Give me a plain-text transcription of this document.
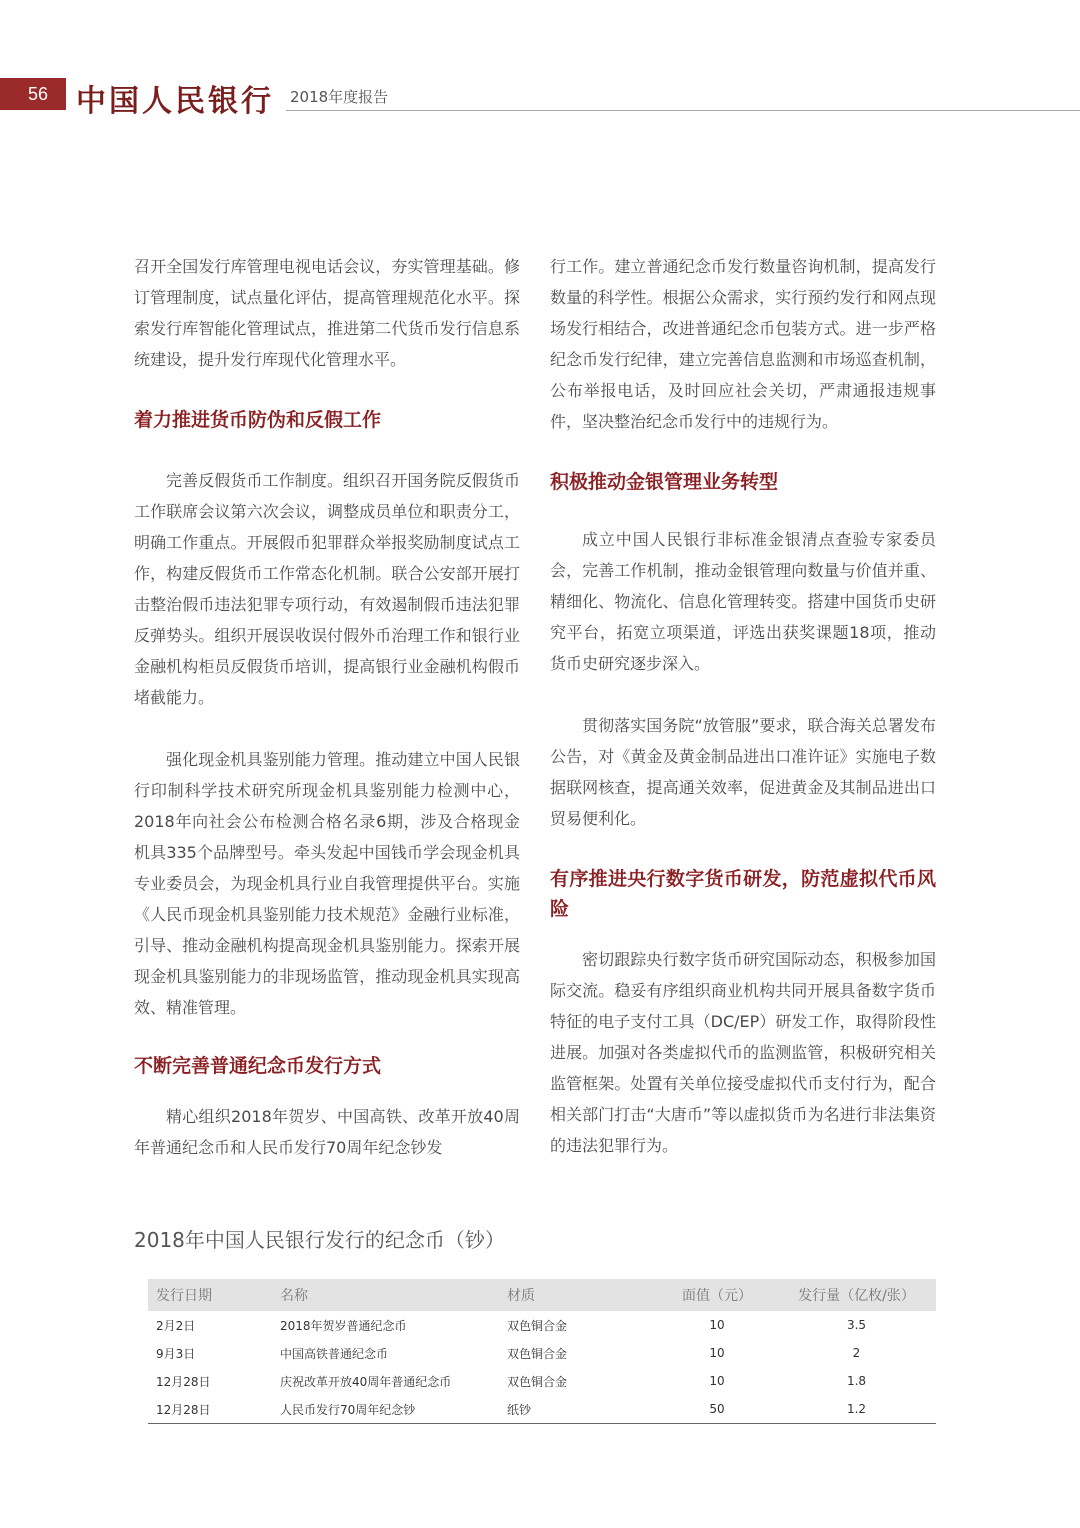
56 中国人民银行 2018年度报告

召开全国发行库管理电视电话会议，夯实管理基础。修订管理制度，试点量化评估，提高管理规范化水平。探索发行库智能化管理试点，推进第二代货币发行信息系统建设，提升发行库现代化管理水平。

着力推进货币防伪和反假工作

完善反假货币工作制度。组织召开国务院反假货币工作联席会议第六次会议，调整成员单位和职责分工，明确工作重点。开展假币犯罪群众举报奖励制度试点工作，构建反假货币工作常态化机制。联合公安部开展打击整治假币违法犯罪专项行动，有效遏制假币违法犯罪反弹势头。组织开展误收误付假外币治理工作和银行业金融机构柜员反假货币培训，提高银行业金融机构假币堵截能力。

强化现金机具鉴别能力管理。推动建立中国人民银行印制科学技术研究所现金机具鉴别能力检测中心，2018年向社会公布检测合格名录6期，涉及合格现金机具335个品牌型号。牵头发起中国钱币学会现金机具专业委员会，为现金机具行业自我管理提供平台。实施《人民币现金机具鉴别能力技术规范》金融行业标准，引导、推动金融机构提高现金机具鉴别能力。探索开展现金机具鉴别能力的非现场监管，推动现金机具实现高效、精准管理。

不断完善普通纪念币发行方式

精心组织2018年贺岁、中国高铁、改革开放40周年普通纪念币和人民币发行70周年纪念钞发

行工作。建立普通纪念币发行数量咨询机制，提高发行数量的科学性。根据公众需求，实行预约发行和网点现场发行相结合，改进普通纪念币包装方式。进一步严格纪念币发行纪律，建立完善信息监测和市场巡查机制，公布举报电话，及时回应社会关切，严肃通报违规事件，坚决整治纪念币发行中的违规行为。

积极推动金银管理业务转型

成立中国人民银行非标准金银清点查验专家委员会，完善工作机制，推动金银管理向数量与价值并重、精细化、物流化、信息化管理转变。搭建中国货币史研究平台，拓宽立项渠道，评选出获奖课题18项，推动货币史研究逐步深入。

贯彻落实国务院“放管服”要求，联合海关总署发布公告，对《黄金及黄金制品进出口准许证》实施电子数据联网核查，提高通关效率，促进黄金及其制品进出口贸易便利化。

有序推进央行数字货币研发，防范虚拟代币风险

密切跟踪央行数字货币研究国际动态，积极参加国际交流。稳妥有序组织商业机构共同开展具备数字货币特征的电子支付工具（DC/EP）研发工作，取得阶段性进展。加强对各类虚拟代币的监测监管，积极研究相关监管框架。处置有关单位接受虚拟代币支付行为，配合相关部门打击“大唐币”等以虚拟货币为名进行非法集资的违法犯罪行为。

2018年中国人民银行发行的纪念币（钞）
发行日期	名称	材质	面值（元）	发行量（亿枚/张）
2月2日	2018年贺岁普通纪念币	双色铜合金	10	3.5
9月3日	中国高铁普通纪念币	双色铜合金	10	2
12月28日	庆祝改革开放40周年普通纪念币	双色铜合金	10	1.8
12月28日	人民币发行70周年纪念钞	纸钞	50	1.2
